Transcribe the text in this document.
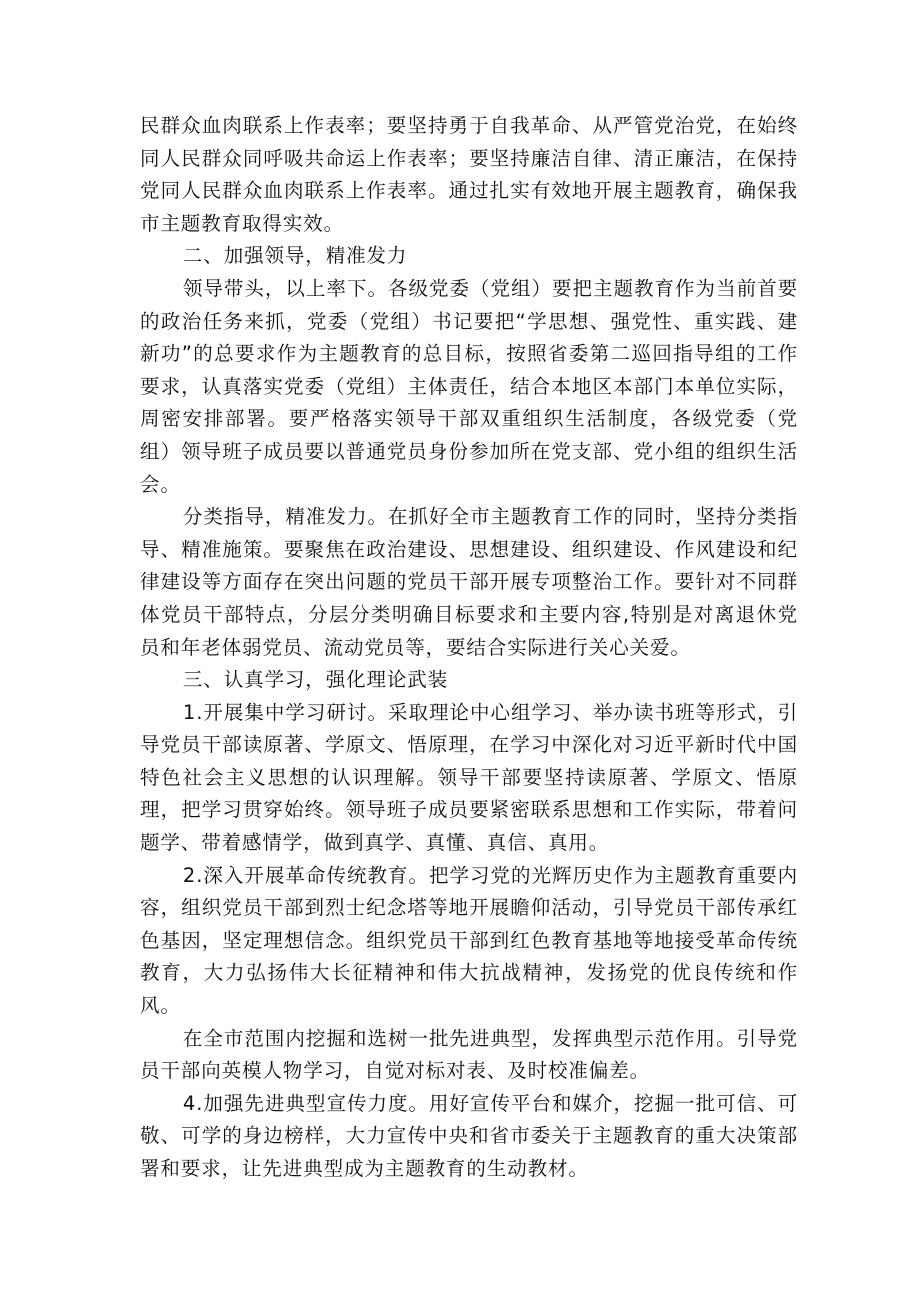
民群众血肉联系上作表率；要坚持勇于自我革命、从严管党治党，在始终同人民群众同呼吸共命运上作表率；要坚持廉洁自律、清正廉洁，在保持党同人民群众血肉联系上作表率。通过扎实有效地开展主题教育，确保我市主题教育取得实效。

二、加强领导，精准发力

领导带头，以上率下。各级党委（党组）要把主题教育作为当前首要的政治任务来抓，党委（党组）书记要把“学思想、强党性、重实践、建新功”的总要求作为主题教育的总目标，按照省委第二巡回指导组的工作要求，认真落实党委（党组）主体责任，结合本地区本部门本单位实际，周密安排部署。要严格落实领导干部双重组织生活制度，各级党委（党组）领导班子成员要以普通党员身份参加所在党支部、党小组的组织生活会。

分类指导，精准发力。在抓好全市主题教育工作的同时，坚持分类指导、精准施策。要聚焦在政治建设、思想建设、组织建设、作风建设和纪律建设等方面存在突出问题的党员干部开展专项整治工作。要针对不同群体党员干部特点，分层分类明确目标要求和主要内容,特别是对离退休党员和年老体弱党员、流动党员等，要结合实际进行关心关爱。

三、认真学习，强化理论武装

1.开展集中学习研讨。采取理论中心组学习、举办读书班等形式，引导党员干部读原著、学原文、悟原理，在学习中深化对习近平新时代中国特色社会主义思想的认识理解。领导干部要坚持读原著、学原文、悟原理，把学习贯穿始终。领导班子成员要紧密联系思想和工作实际，带着问题学、带着感情学，做到真学、真懂、真信、真用。

2.深入开展革命传统教育。把学习党的光辉历史作为主题教育重要内容，组织党员干部到烈士纪念塔等地开展瞻仰活动，引导党员干部传承红色基因，坚定理想信念。组织党员干部到红色教育基地等地接受革命传统教育，大力弘扬伟大长征精神和伟大抗战精神，发扬党的优良传统和作风。

在全市范围内挖掘和选树一批先进典型，发挥典型示范作用。引导党员干部向英模人物学习，自觉对标对表、及时校准偏差。

4.加强先进典型宣传力度。用好宣传平台和媒介，挖掘一批可信、可敬、可学的身边榜样，大力宣传中央和省市委关于主题教育的重大决策部署和要求，让先进典型成为主题教育的生动教材。
